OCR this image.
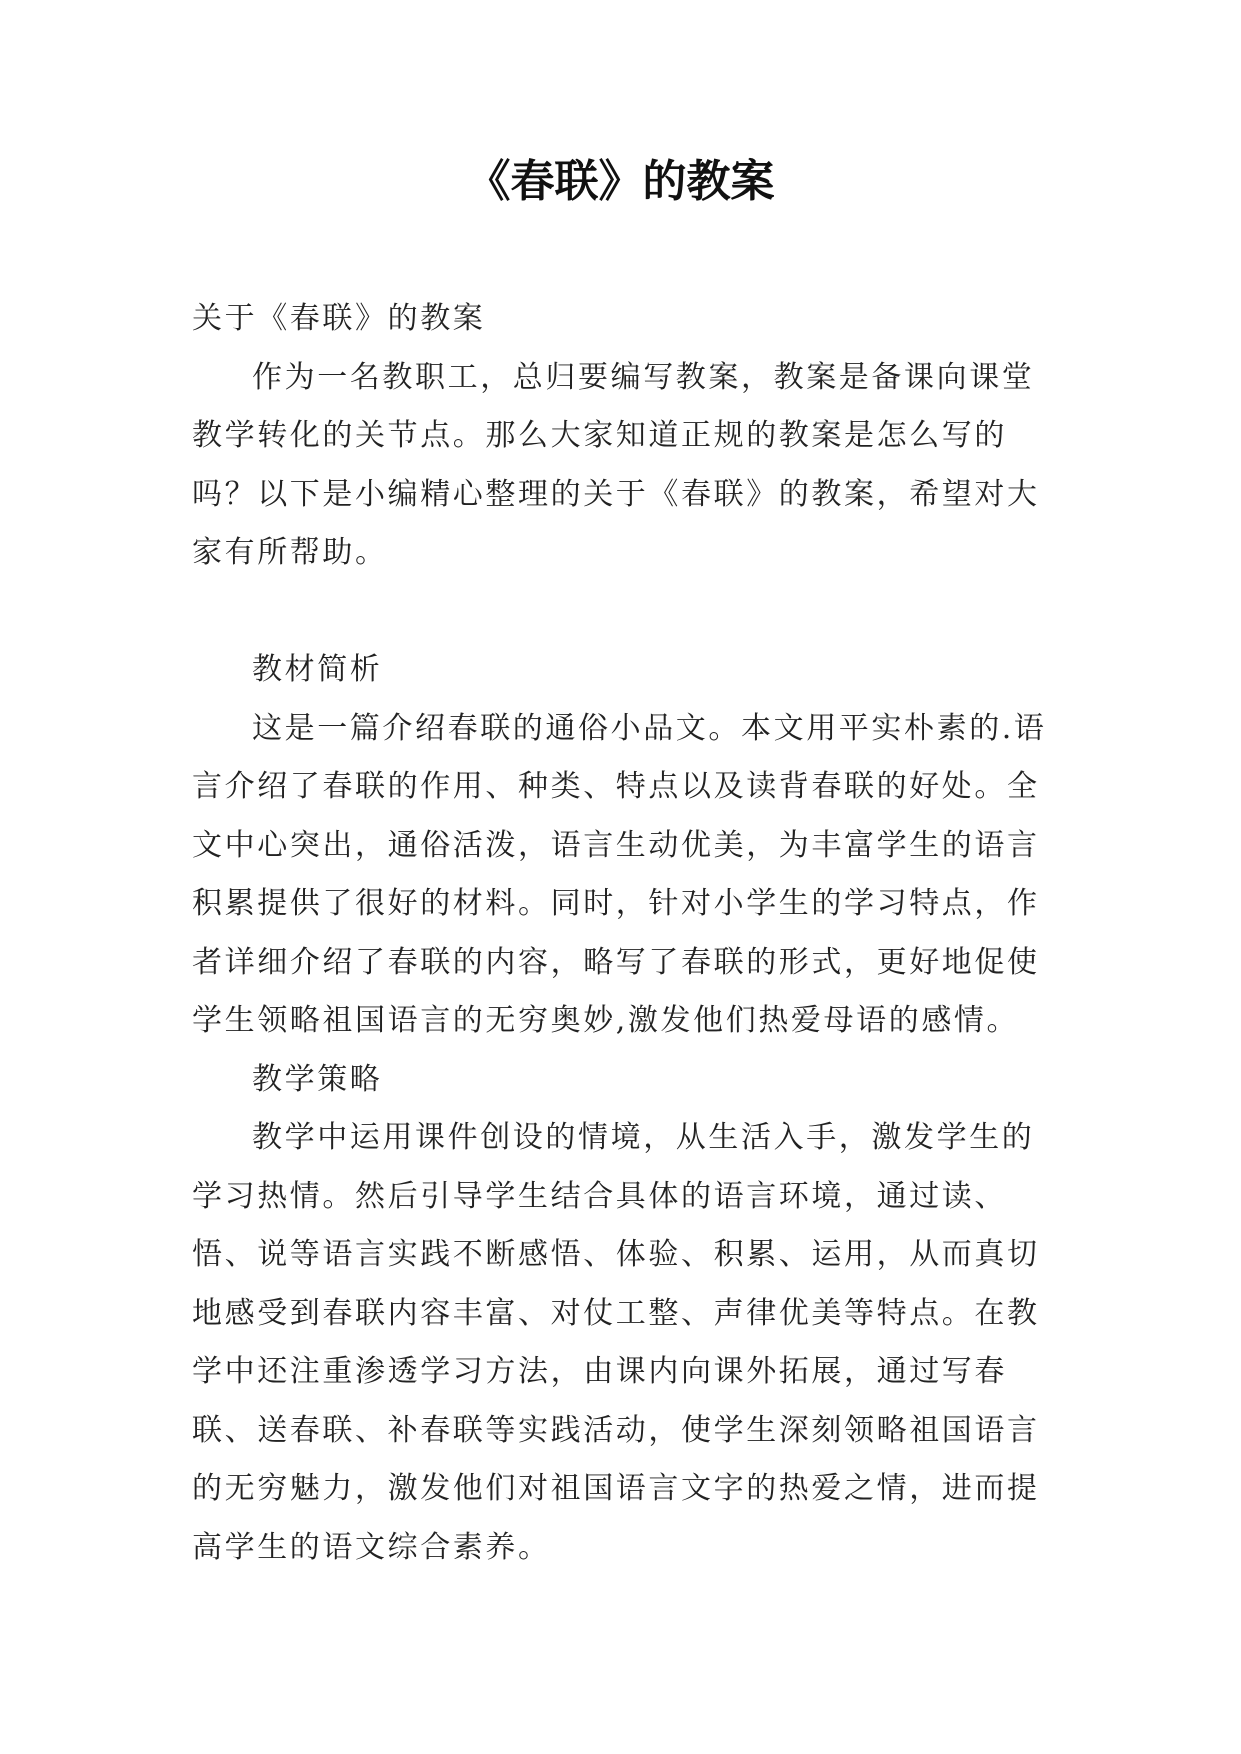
《春联》的教案

关于《春联》的教案

作为一名教职工，总归要编写教案，教案是备课向课堂教学转化的关节点。那么大家知道正规的教案是怎么写的吗？以下是小编精心整理的关于《春联》的教案，希望对大家有所帮助。

教材简析

这是一篇介绍春联的通俗小品文。本文用平实朴素的.语言介绍了春联的作用、种类、特点以及读背春联的好处。全文中心突出，通俗活泼，语言生动优美，为丰富学生的语言积累提供了很好的材料。同时，针对小学生的学习特点，作者详细介绍了春联的内容，略写了春联的形式，更好地促使学生领略祖国语言的无穷奥妙,激发他们热爱母语的感情。

教学策略

教学中运用课件创设的情境，从生活入手，激发学生的学习热情。然后引导学生结合具体的语言环境，通过读、悟、说等语言实践不断感悟、体验、积累、运用，从而真切地感受到春联内容丰富、对仗工整、声律优美等特点。在教学中还注重渗透学习方法，由课内向课外拓展，通过写春联、送春联、补春联等实践活动，使学生深刻领略祖国语言的无穷魅力，激发他们对祖国语言文字的热爱之情，进而提高学生的语文综合素养。
